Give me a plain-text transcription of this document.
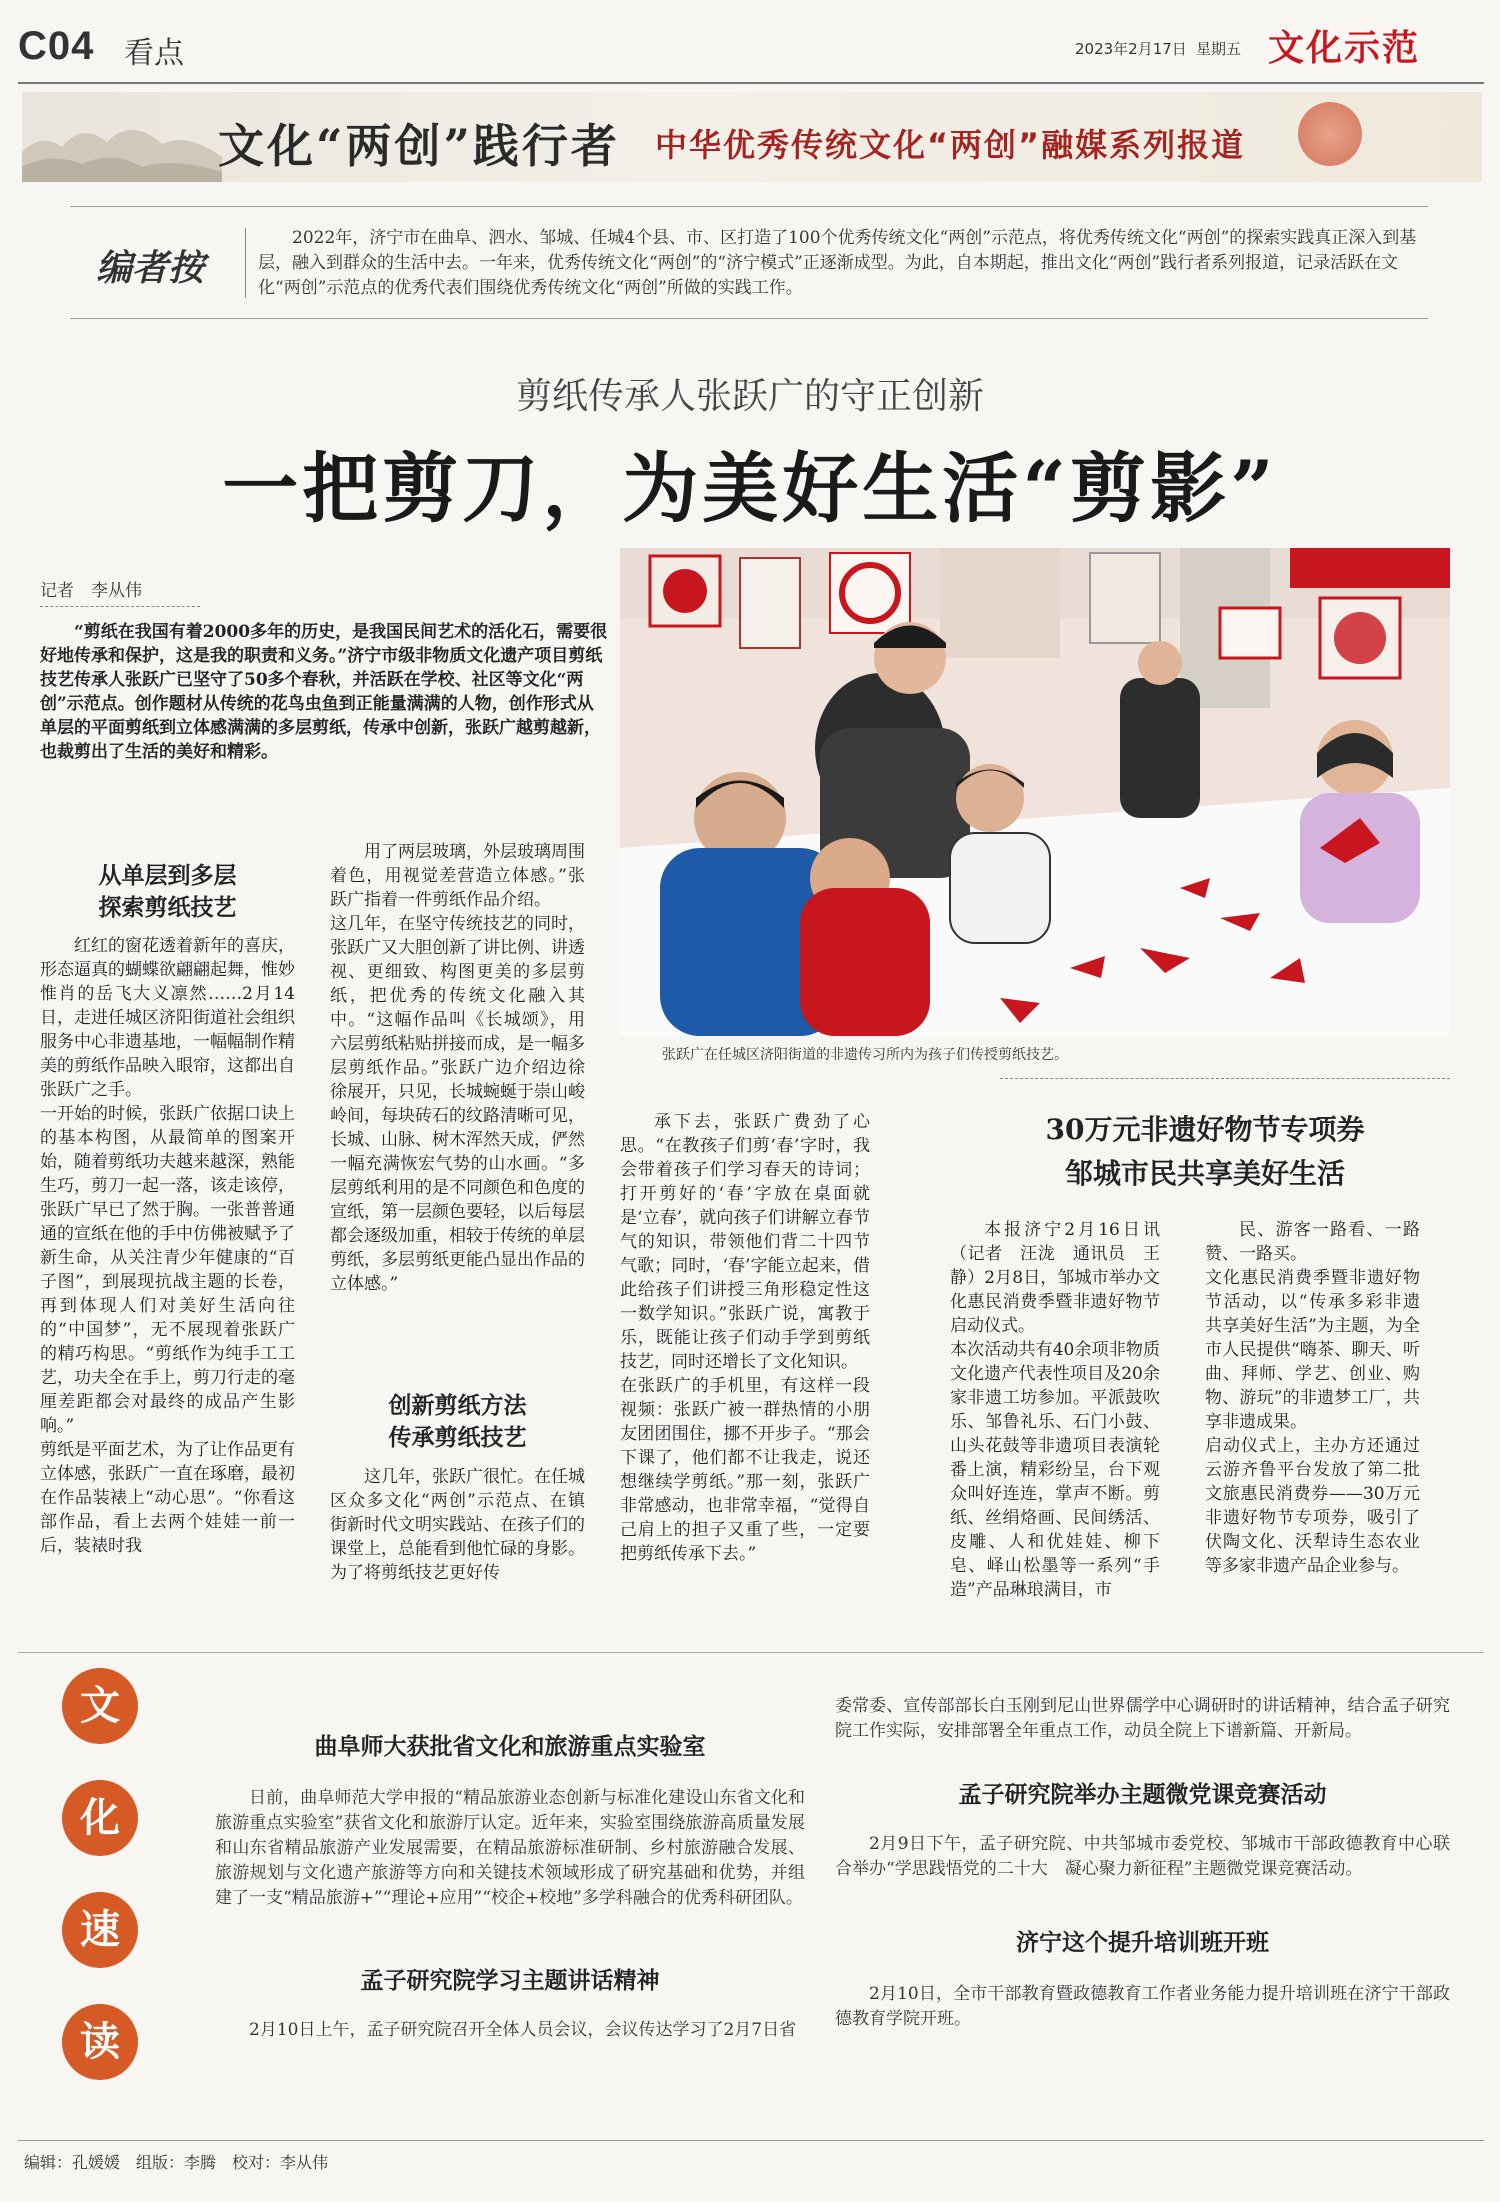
C04 看点	2023年2月17日 星期五 文化示范
文化“两创”践行者 中华优秀传统文化“两创”融媒系列报道
编者按
2022年，济宁市在曲阜、泗水、邹城、任城4个县、市、区打造了100个优秀传统文化“两创”示范点，将优秀传统文化“两创”的探索实践真正深入到基层，融入到群众的生活中去。一年来，优秀传统文化“两创”的“济宁模式”正逐渐成型。为此，自本期起，推出文化“两创”践行者系列报道，记录活跃在文化“两创”示范点的优秀代表们围绕优秀传统文化“两创”所做的实践工作。
剪纸传承人张跃广的守正创新
一把剪刀，为美好生活“剪影”
记者　李从伟
“剪纸在我国有着2000多年的历史，是我国民间艺术的活化石，需要很好地传承和保护，这是我的职责和义务。”济宁市级非物质文化遗产项目剪纸技艺传承人张跃广已坚守了50多个春秋，并活跃在学校、社区等文化“两创”示范点。创作题材从传统的花鸟虫鱼到正能量满满的人物，创作形式从单层的平面剪纸到立体感满满的多层剪纸，传承中创新，张跃广越剪越新，也裁剪出了生活的美好和精彩。
张跃广在任城区济阳街道的非遗传习所内为孩子们传授剪纸技艺。
从单层到多层
探索剪纸技艺
红红的窗花透着新年的喜庆，形态逼真的蝴蝶欲翩翩起舞，惟妙惟肖的岳飞大义凛然……2月14日，走进任城区济阳街道社会组织服务中心非遗基地，一幅幅制作精美的剪纸作品映入眼帘，这都出自张跃广之手。
一开始的时候，张跃广依据口诀上的基本构图，从最简单的图案开始，随着剪纸功夫越来越深，熟能生巧，剪刀一起一落，该走该停，张跃广早已了然于胸。一张普普通通的宣纸在他的手中仿佛被赋予了新生命，从关注青少年健康的“百子图”，到展现抗战主题的长卷，再到体现人们对美好生活向往的“中国梦”，无不展现着张跃广的精巧构思。“剪纸作为纯手工工艺，功夫全在手上，剪刀行走的毫厘差距都会对最终的成品产生影响。”
剪纸是平面艺术，为了让作品更有立体感，张跃广一直在琢磨，最初在作品装裱上“动心思”。“你看这部作品，看上去两个娃娃一前一后，装裱时我
用了两层玻璃，外层玻璃周围着色，用视觉差营造立体感。”张跃广指着一件剪纸作品介绍。
这几年，在坚守传统技艺的同时，张跃广又大胆创新了讲比例、讲透视、更细致、构图更美的多层剪纸，把优秀的传统文化融入其中。“这幅作品叫《长城颂》，用六层剪纸粘贴拼接而成，是一幅多层剪纸作品。”张跃广边介绍边徐徐展开，只见，长城蜿蜒于崇山峻岭间，每块砖石的纹路清晰可见，长城、山脉、树木浑然天成，俨然一幅充满恢宏气势的山水画。“多层剪纸利用的是不同颜色和色度的宣纸，第一层颜色要轻，以后每层都会逐级加重，相较于传统的单层剪纸，多层剪纸更能凸显出作品的立体感。”
创新剪纸方法
传承剪纸技艺
这几年，张跃广很忙。在任城区众多文化“两创”示范点、在镇街新时代文明实践站、在孩子们的课堂上，总能看到他忙碌的身影。
为了将剪纸技艺更好传
承下去，张跃广费劲了心思。“在教孩子们剪‘春’字时，我会带着孩子们学习春天的诗词；打开剪好的‘春’字放在桌面就是‘立春’，就向孩子们讲解立春节气的知识，带领他们背二十四节气歌；同时，‘春’字能立起来，借此给孩子们讲授三角形稳定性这一数学知识。”张跃广说，寓教于乐，既能让孩子们动手学到剪纸技艺，同时还增长了文化知识。
在张跃广的手机里，有这样一段视频：张跃广被一群热情的小朋友团团围住，挪不开步子。“那会下课了，他们都不让我走，说还想继续学剪纸。”那一刻，张跃广非常感动，也非常幸福，“觉得自己肩上的担子又重了些，一定要把剪纸传承下去。”
30万元非遗好物节专项券
邹城市民共享美好生活
本报济宁2月16日讯（记者　汪泷　通讯员　王静）2月8日，邹城市举办文化惠民消费季暨非遗好物节启动仪式。
本次活动共有40余项非物质文化遗产代表性项目及20余家非遗工坊参加。平派鼓吹乐、邹鲁礼乐、石门小鼓、山头花鼓等非遗项目表演轮番上演，精彩纷呈，台下观众叫好连连，掌声不断。剪纸、丝绢烙画、民间绣活、皮雕、人和优娃娃、柳下皂、峄山松墨等一系列“手造”产品琳琅满目，市
民、游客一路看、一路赞、一路买。
文化惠民消费季暨非遗好物节活动，以“传承多彩非遗　共享美好生活”为主题，为全市人民提供“嗨茶、聊天、听曲、拜师、学艺、创业、购物、游玩”的非遗梦工厂，共享非遗成果。
启动仪式上，主办方还通过云游齐鲁平台发放了第二批文旅惠民消费券——30万元非遗好物节专项券，吸引了伏陶文化、沃犁诗生态农业等多家非遗产品企业参与。
文
化
速
读
曲阜师大获批省文化和旅游重点实验室
日前，曲阜师范大学申报的“精品旅游业态创新与标准化建设山东省文化和旅游重点实验室”获省文化和旅游厅认定。近年来，实验室围绕旅游高质量发展和山东省精品旅游产业发展需要，在精品旅游标准研制、乡村旅游融合发展、旅游规划与文化遗产旅游等方向和关键技术领域形成了研究基础和优势，并组建了一支“精品旅游+”“理论+应用”“校企+校地”多学科融合的优秀科研团队。
孟子研究院学习主题讲话精神
2月10日上午，孟子研究院召开全体人员会议，会议传达学习了2月7日省
委常委、宣传部部长白玉刚到尼山世界儒学中心调研时的讲话精神，结合孟子研究院工作实际，安排部署全年重点工作，动员全院上下谱新篇、开新局。
孟子研究院举办主题微党课竞赛活动
2月9日下午，孟子研究院、中共邹城市委党校、邹城市干部政德教育中心联合举办“学思践悟党的二十大　凝心聚力新征程”主题微党课竞赛活动。
济宁这个提升培训班开班
2月10日，全市干部教育暨政德教育工作者业务能力提升培训班在济宁干部政德教育学院开班。
编辑：孔媛媛　组版：李腾　校对：李从伟
